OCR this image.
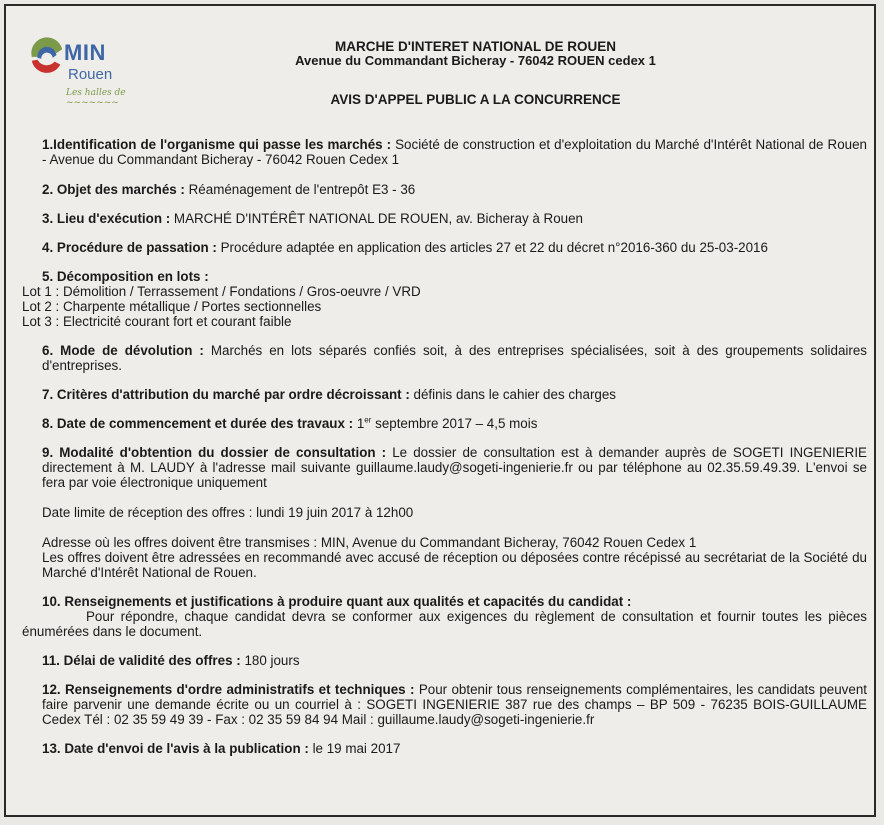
MIN
Rouen
Les halles de ~~~~~~~
MARCHE D'INTERET NATIONAL DE ROUEN
Avenue du Commandant Bicheray - 76042 ROUEN cedex 1
AVIS D'APPEL PUBLIC A LA CONCURRENCE

1.Identification de l'organisme qui passe les marchés : Société de construction et d'exploitation du Marché d'Intérêt National de Rouen - Avenue du Commandant Bicheray - 76042 Rouen Cedex 1

2. Objet des marchés : Réaménagement de l'entrepôt E3 - 36

3. Lieu d'exécution : MARCHÉ D'INTÉRÊT NATIONAL DE ROUEN, av. Bicheray à Rouen

4. Procédure de passation : Procédure adaptée en application des articles 27 et 22 du décret n°2016-360 du 25-03-2016

5. Décomposition en lots :

Lot 1 : Démolition / Terrassement / Fondations / Gros-oeuvre / VRD

Lot 2 : Charpente métallique / Portes sectionnelles

Lot 3 : Electricité courant fort et courant faible

6. Mode de dévolution : Marchés en lots séparés confiés soit, à des entreprises spécialisées, soit à des groupements solidaires d'entreprises.

7. Critères d'attribution du marché par ordre décroissant : définis dans le cahier des charges

8. Date de commencement et durée des travaux : 1er septembre 2017 – 4,5 mois

9. Modalité d'obtention du dossier de consultation : Le dossier de consultation est à demander auprès de SOGETI INGENIERIE directement à M. LAUDY à l'adresse mail suivante guillaume.laudy@sogeti-ingenierie.fr ou par téléphone au 02.35.59.49.39. L'envoi se fera par voie électronique uniquement

Date limite de réception des offres : lundi 19 juin 2017 à 12h00

Adresse où les offres doivent être transmises : MIN, Avenue du Commandant Bicheray, 76042 Rouen Cedex 1

Les offres doivent être adressées en recommandé avec accusé de réception ou déposées contre récépissé au secrétariat de la Société du Marché d'Intérêt National de Rouen.

10. Renseignements et justifications à produire quant aux qualités et capacités du candidat :

Pour répondre, chaque candidat devra se conformer aux exigences du règlement de consultation et fournir toutes les pièces énumérées dans le document.

11. Délai de validité des offres : 180 jours

12. Renseignements d'ordre administratifs et techniques : Pour obtenir tous renseignements complémentaires, les candidats peuvent faire parvenir une demande écrite ou un courriel à : SOGETI INGENIERIE 387 rue des champs – BP 509 - 76235 BOIS-GUILLAUME Cedex Tél : 02 35 59 49 39 - Fax : 02 35 59 84 94 Mail : guillaume.laudy@sogeti-ingenierie.fr

13. Date d'envoi de l'avis à la publication : le 19 mai 2017
